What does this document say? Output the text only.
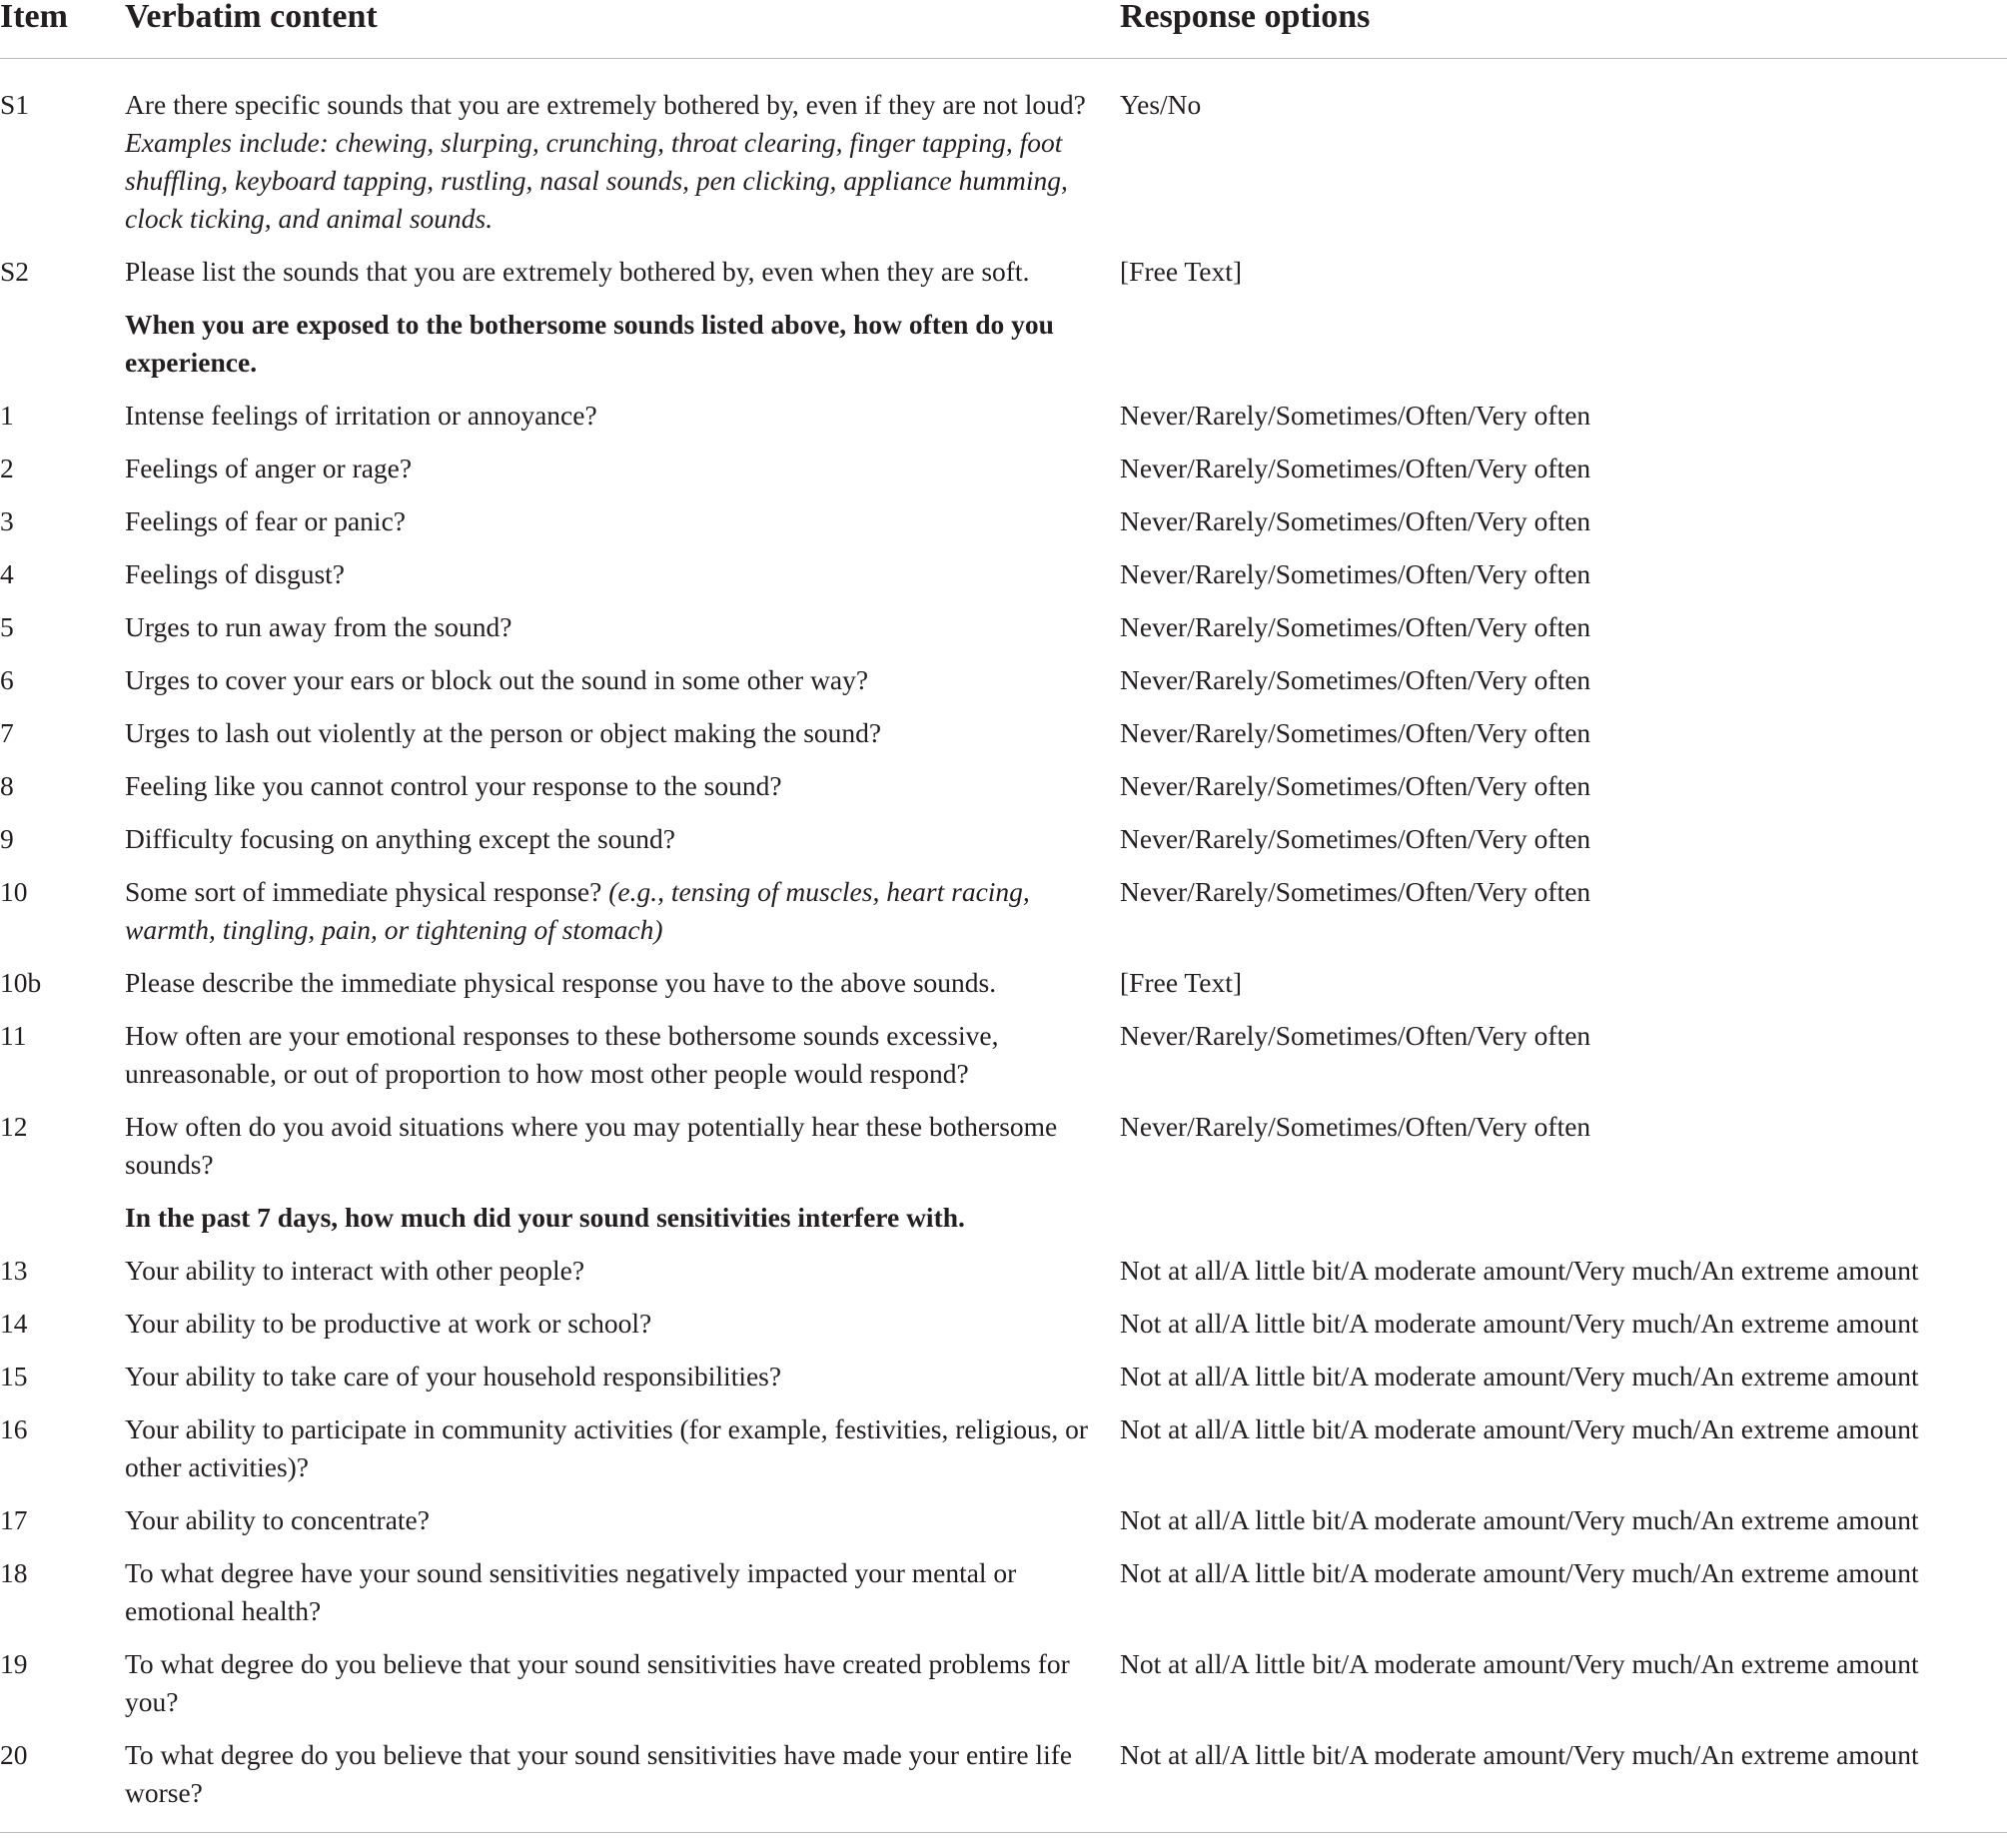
Item	Verbatim content	Response options
S1	Are there specific sounds that you are extremely bothered by, even if they are not loud? Examples include: chewing, slurping, crunching, throat clearing, finger tapping, foot shuffling, keyboard tapping, rustling, nasal sounds, pen clicking, appliance humming, clock ticking, and animal sounds.	Yes/No
S2	Please list the sounds that you are extremely bothered by, even when they are soft.	[Free Text]
	When you are exposed to the bothersome sounds listed above, how often do you experience.	
1	Intense feelings of irritation or annoyance?	Never/Rarely/Sometimes/Often/Very often
2	Feelings of anger or rage?	Never/Rarely/Sometimes/Often/Very often
3	Feelings of fear or panic?	Never/Rarely/Sometimes/Often/Very often
4	Feelings of disgust?	Never/Rarely/Sometimes/Often/Very often
5	Urges to run away from the sound?	Never/Rarely/Sometimes/Often/Very often
6	Urges to cover your ears or block out the sound in some other way?	Never/Rarely/Sometimes/Often/Very often
7	Urges to lash out violently at the person or object making the sound?	Never/Rarely/Sometimes/Often/Very often
8	Feeling like you cannot control your response to the sound?	Never/Rarely/Sometimes/Often/Very often
9	Difficulty focusing on anything except the sound?	Never/Rarely/Sometimes/Often/Very often
10	Some sort of immediate physical response? (e.g., tensing of muscles, heart racing, warmth, tingling, pain, or tightening of stomach)	Never/Rarely/Sometimes/Often/Very often
10b	Please describe the immediate physical response you have to the above sounds.	[Free Text]
11	How often are your emotional responses to these bothersome sounds excessive, unreasonable, or out of proportion to how most other people would respond?	Never/Rarely/Sometimes/Often/Very often
12	How often do you avoid situations where you may potentially hear these bothersome sounds?	Never/Rarely/Sometimes/Often/Very often
	In the past 7 days, how much did your sound sensitivities interfere with.	
13	Your ability to interact with other people?	Not at all/A little bit/A moderate amount/Very much/An extreme amount
14	Your ability to be productive at work or school?	Not at all/A little bit/A moderate amount/Very much/An extreme amount
15	Your ability to take care of your household responsibilities?	Not at all/A little bit/A moderate amount/Very much/An extreme amount
16	Your ability to participate in community activities (for example, festivities, religious, or other activities)?	Not at all/A little bit/A moderate amount/Very much/An extreme amount
17	Your ability to concentrate?	Not at all/A little bit/A moderate amount/Very much/An extreme amount
18	To what degree have your sound sensitivities negatively impacted your mental or emotional health?	Not at all/A little bit/A moderate amount/Very much/An extreme amount
19	To what degree do you believe that your sound sensitivities have created problems for you?	Not at all/A little bit/A moderate amount/Very much/An extreme amount
20	To what degree do you believe that your sound sensitivities have made your entire life worse?	Not at all/A little bit/A moderate amount/Very much/An extreme amount
